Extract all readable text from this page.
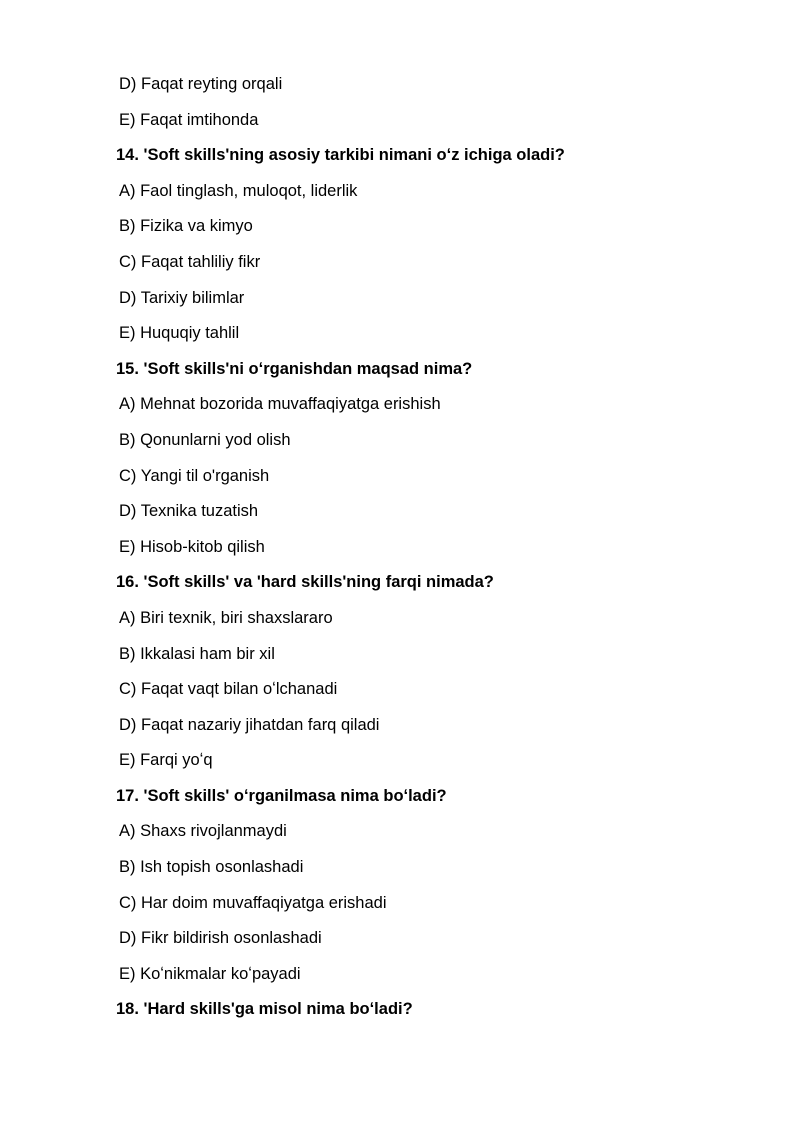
D) Faqat reyting orqali
E) Faqat imtihonda
14. 'Soft skills'ning asosiy tarkibi nimani oʻz ichiga oladi?
A) Faol tinglash, muloqot, liderlik
B) Fizika va kimyo
C) Faqat tahliliy fikr
D) Tarixiy bilimlar
E) Huquqiy tahlil
15. 'Soft skills'ni oʻrganishdan maqsad nima?
A) Mehnat bozorida muvaffaqiyatga erishish
B) Qonunlarni yod olish
C) Yangi til o'rganish
D) Texnika tuzatish
E) Hisob-kitob qilish
16. 'Soft skills' va 'hard skills'ning farqi nimada?
A) Biri texnik, biri shaxslararo
B) Ikkalasi ham bir xil
C) Faqat vaqt bilan oʻlchanadi
D) Faqat nazariy jihatdan farq qiladi
E) Farqi yoʻq
17. 'Soft skills' oʻrganilmasa nima boʻladi?
A) Shaxs rivojlanmaydi
B) Ish topish osonlashadi
C) Har doim muvaffaqiyatga erishadi
D) Fikr bildirish osonlashadi
E) Koʻnikmalar koʻpayadi
18. 'Hard skills'ga misol nima boʻladi?
